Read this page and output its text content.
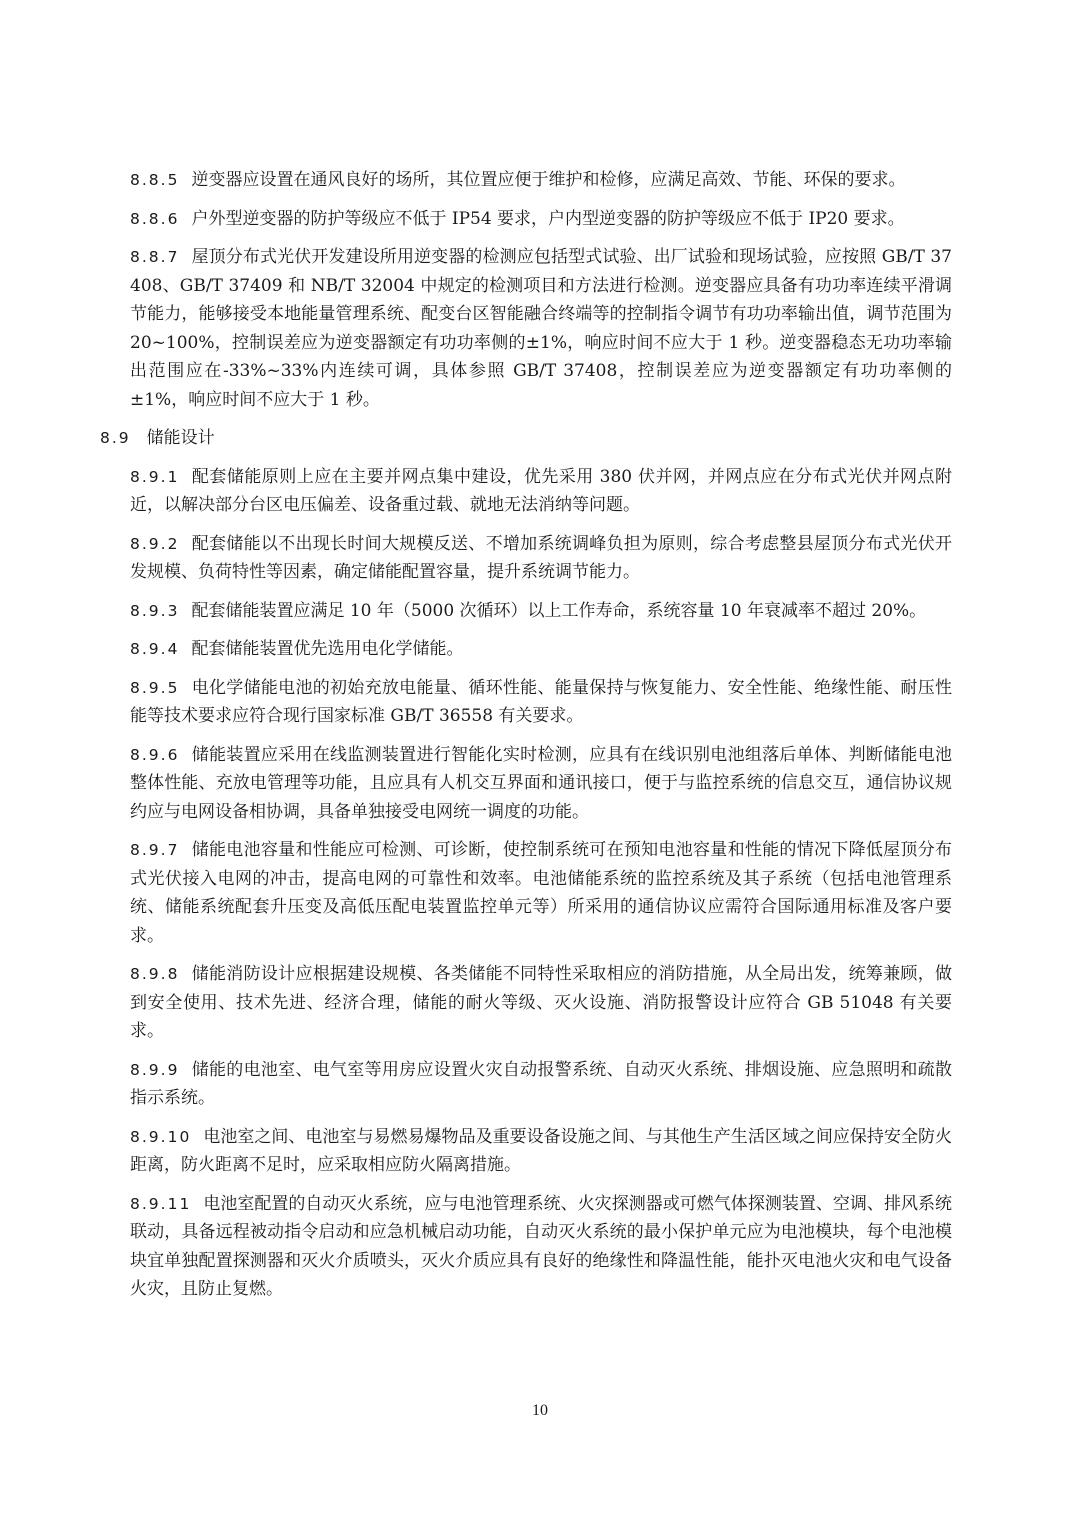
8.8.5 逆变器应设置在通风良好的场所，其位置应便于维护和检修，应满足高效、节能、环保的要求。

8.8.6 户外型逆变器的防护等级应不低于 IP54 要求，户内型逆变器的防护等级应不低于 IP20 要求。

8.8.7 屋顶分布式光伏开发建设所用逆变器的检测应包括型式试验、出厂试验和现场试验，应按照 GB/T 37408、GB/T 37409 和 NB/T 32004 中规定的检测项目和方法进行检测。逆变器应具备有功功率连续平滑调节能力，能够接受本地能量管理系统、配变台区智能融合终端等的控制指令调节有功功率输出值，调节范围为 20~100%，控制误差应为逆变器额定有功功率侧的±1%，响应时间不应大于 1 秒。逆变器稳态无功功率输出范围应在-33%~33%内连续可调，具体参照 GB/T 37408，控制误差应为逆变器额定有功功率侧的±1%，响应时间不应大于 1 秒。

8.9 储能设计

8.9.1 配套储能原则上应在主要并网点集中建设，优先采用 380 伏并网，并网点应在分布式光伏并网点附近，以解决部分台区电压偏差、设备重过载、就地无法消纳等问题。

8.9.2 配套储能以不出现长时间大规模反送、不增加系统调峰负担为原则，综合考虑整县屋顶分布式光伏开发规模、负荷特性等因素，确定储能配置容量，提升系统调节能力。

8.9.3 配套储能装置应满足 10 年（5000 次循环）以上工作寿命，系统容量 10 年衰减率不超过 20%。

8.9.4 配套储能装置优先选用电化学储能。

8.9.5 电化学储能电池的初始充放电能量、循环性能、能量保持与恢复能力、安全性能、绝缘性能、耐压性能等技术要求应符合现行国家标准 GB/T 36558 有关要求。

8.9.6 储能装置应采用在线监测装置进行智能化实时检测，应具有在线识别电池组落后单体、判断储能电池整体性能、充放电管理等功能，且应具有人机交互界面和通讯接口，便于与监控系统的信息交互，通信协议规约应与电网设备相协调，具备单独接受电网统一调度的功能。

8.9.7 储能电池容量和性能应可检测、可诊断，使控制系统可在预知电池容量和性能的情况下降低屋顶分布式光伏接入电网的冲击，提高电网的可靠性和效率。电池储能系统的监控系统及其子系统（包括电池管理系统、储能系统配套升压变及高低压配电装置监控单元等）所采用的通信协议应需符合国际通用标准及客户要求。

8.9.8 储能消防设计应根据建设规模、各类储能不同特性采取相应的消防措施，从全局出发，统筹兼顾，做到安全使用、技术先进、经济合理，储能的耐火等级、灭火设施、消防报警设计应符合 GB 51048 有关要求。

8.9.9 储能的电池室、电气室等用房应设置火灾自动报警系统、自动灭火系统、排烟设施、应急照明和疏散指示系统。

8.9.10 电池室之间、电池室与易燃易爆物品及重要设备设施之间、与其他生产生活区域之间应保持安全防火距离，防火距离不足时，应采取相应防火隔离措施。

8.9.11 电池室配置的自动灭火系统，应与电池管理系统、火灾探测器或可燃气体探测装置、空调、排风系统联动，具备远程被动指令启动和应急机械启动功能，自动灭火系统的最小保护单元应为电池模块，每个电池模块宜单独配置探测器和灭火介质喷头，灭火介质应具有良好的绝缘性和降温性能，能扑灭电池火灾和电气设备火灾，且防止复燃。

10
